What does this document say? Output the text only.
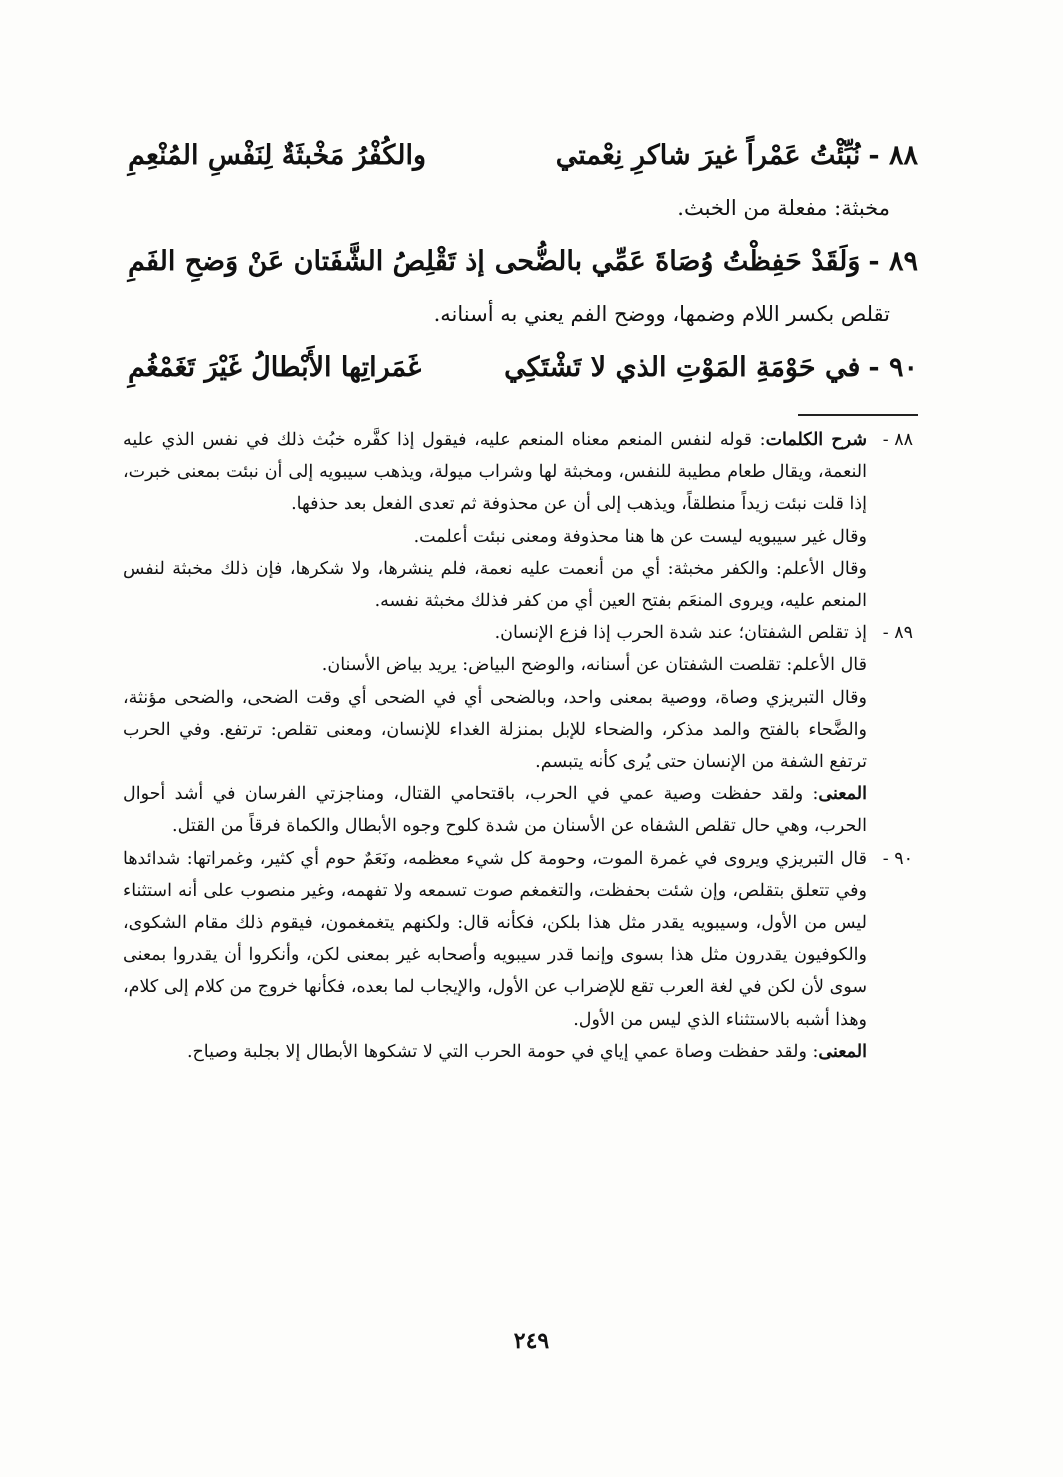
٨٨ -
نُبِّئْتُ عَمْراً غيرَ شاكرِ نِعْمتي
والكُفْرُ مَخْبثَةٌ لِنَفْسِ المُنْعِمِ
مخبثة: مفعلة من الخبث.
٨٩ -
وَلَقَدْ حَفِظْتُ وُصَاةَ عَمِّي بالضُّحى
إذ تَقْلِصُ الشَّفَتان عَنْ وَضحِ الفَمِ
تقلص بكسر اللام وضمها، ووضح الفم يعني به أسنانه.
٩٠ -
في حَوْمَةِ المَوْتِ الذي لا تَشْتَكِي
غَمَراتِها الأَبْطالُ غَيْرَ تَغَمْغُمِ
٨٨ -

شرح الكلمات: قوله لنفس المنعم معناه المنعم عليه، فيقول إذا كفَّره خبُث ذلك في نفس الذي عليه النعمة، ويقال طعام مطيبة للنفس، ومخبثة لها وشراب ميولة، ويذهب سيبويه إلى أن نبئت بمعنى خبرت، إذا قلت نبئت زيداً منطلقاً، ويذهب إلى أن عن محذوفة ثم تعدى الفعل بعد حذفها.

وقال غير سيبويه ليست عن ها هنا محذوفة ومعنى نبئت أعلمت.

وقال الأعلم: والكفر مخبثة: أي من أنعمت عليه نعمة، فلم ينشرها، ولا شكرها، فإن ذلك مخبثة لنفس المنعم عليه، ويروى المنعَم بفتح العين أي من كفر فذلك مخبثة نفسه.

٨٩ -

إذ تقلص الشفتان؛ عند شدة الحرب إذا فزع الإنسان.

قال الأعلم: تقلصت الشفتان عن أسنانه، والوضح البياض: يريد بياض الأسنان.

وقال التبريزي وصاة، ووصية بمعنى واحد، وبالضحى أي في الضحى أي وقت الضحى، والضحى مؤنثة، والضَّحاء بالفتح والمد مذكر، والضحاء للإبل بمنزلة الغداء للإنسان، ومعنى تقلص: ترتفع. وفي الحرب ترتفع الشفة من الإنسان حتى يُرى كأنه يتبسم.

المعنى: ولقد حفظت وصية عمي في الحرب، باقتحامي القتال، ومناجزتي الفرسان في أشد أحوال الحرب، وهي حال تقلص الشفاه عن الأسنان من شدة كلوح وجوه الأبطال والكماة فرقاً من القتل.

٩٠ -

قال التبريزي ويروى في غمرة الموت، وحومة كل شيء معظمه، ونَعَمٌ حوم أي كثير، وغمراتها: شدائدها وفي تتعلق بتقلص، وإن شئت بحفظت، والتغمغم صوت تسمعه ولا تفهمه، وغير منصوب على أنه استثناء ليس من الأول، وسيبويه يقدر مثل هذا بلكن، فكأنه قال: ولكنهم يتغمغمون، فيقوم ذلك مقام الشكوى، والكوفيون يقدرون مثل هذا بسوى وإنما قدر سيبويه وأصحابه غير بمعنى لكن، وأنكروا أن يقدروا بمعنى سوى لأن لكن في لغة العرب تقع للإضراب عن الأول، والإيجاب لما بعده، فكأنها خروج من كلام إلى كلام، وهذا أشبه بالاستثناء الذي ليس من الأول.

المعنى: ولقد حفظت وصاة عمي إياي في حومة الحرب التي لا تشكوها الأبطال إلا بجلبة وصياح.

٢٤٩
